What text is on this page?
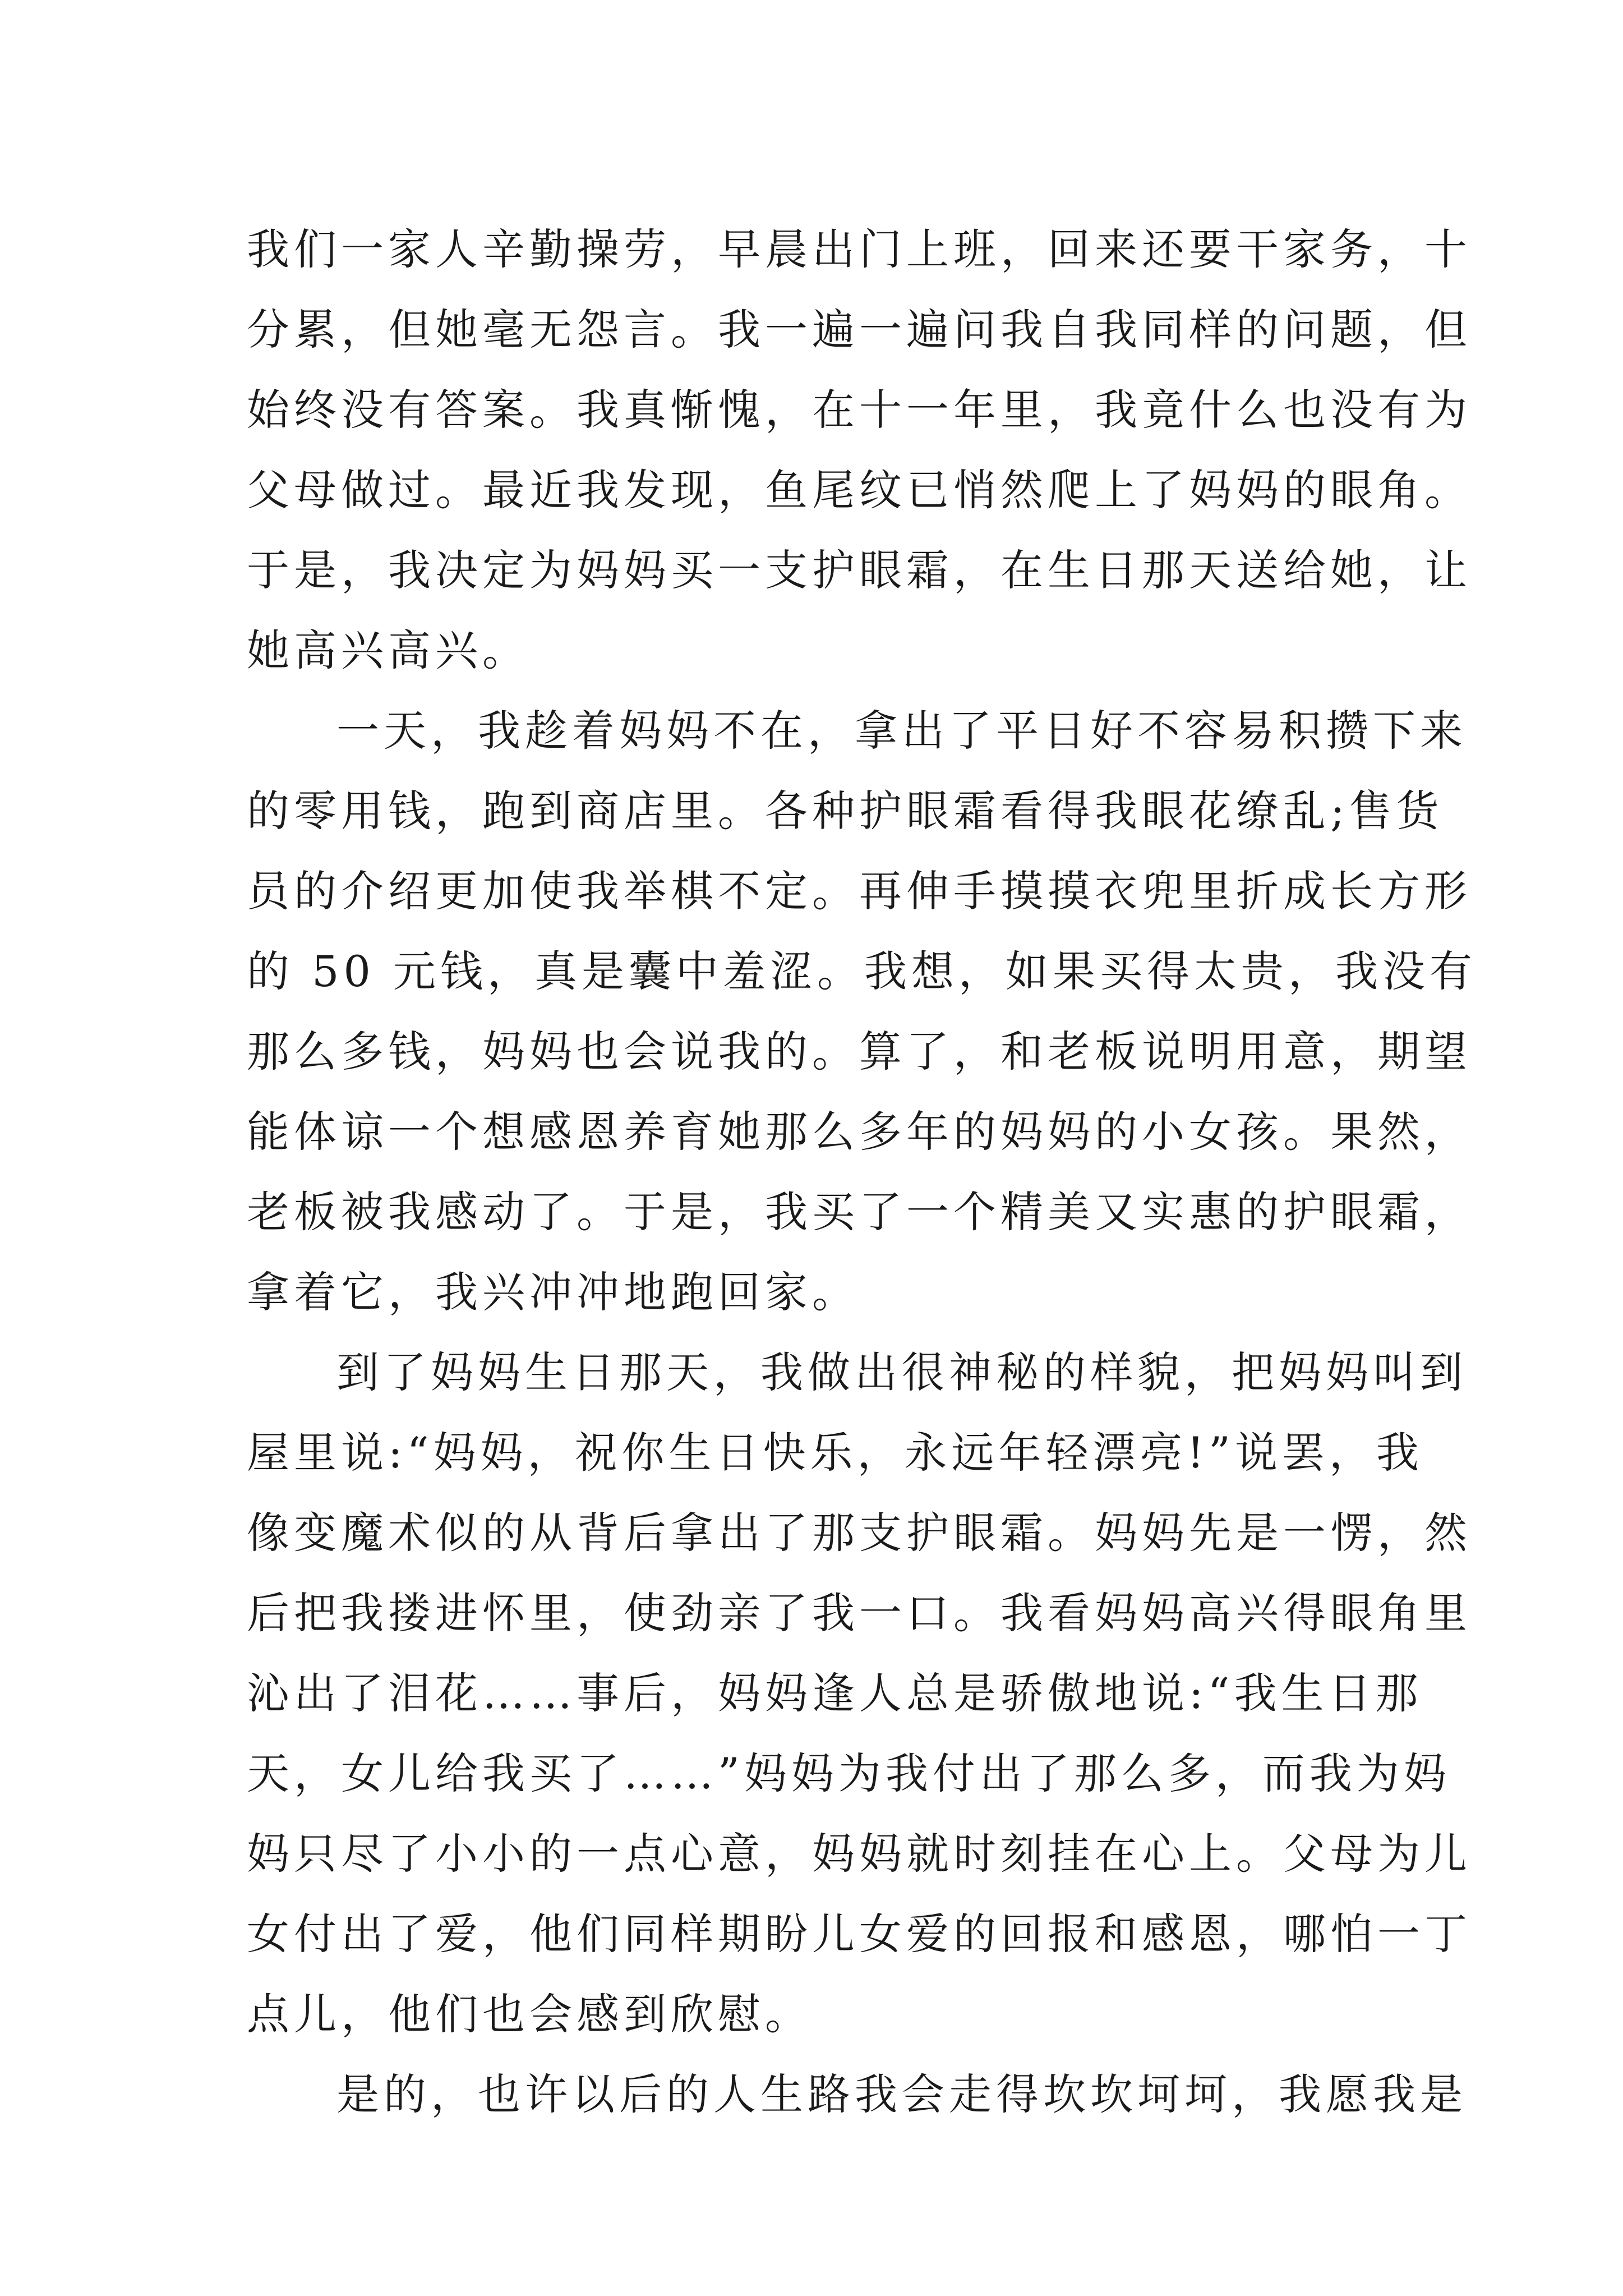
我们一家人辛勤操劳，早晨出门上班，回来还要干家务，十
分累，但她毫无怨言。我一遍一遍问我自我同样的问题，但
始终没有答案。我真惭愧，在十一年里，我竟什么也没有为
父母做过。最近我发现，鱼尾纹已悄然爬上了妈妈的眼角。
于是，我决定为妈妈买一支护眼霜，在生日那天送给她，让
她高兴高兴。
一天，我趁着妈妈不在，拿出了平日好不容易积攒下来
的零用钱，跑到商店里。各种护眼霜看得我眼花缭乱;售货
员的介绍更加使我举棋不定。再伸手摸摸衣兜里折成长方形
的 50 元钱，真是囊中羞涩。我想，如果买得太贵，我没有
那么多钱，妈妈也会说我的。算了，和老板说明用意，期望
能体谅一个想感恩养育她那么多年的妈妈的小女孩。果然，
老板被我感动了。于是，我买了一个精美又实惠的护眼霜，
拿着它，我兴冲冲地跑回家。
到了妈妈生日那天，我做出很神秘的样貌，把妈妈叫到
屋里说:“妈妈，祝你生日快乐，永远年轻漂亮!”说罢，我
像变魔术似的从背后拿出了那支护眼霜。妈妈先是一愣，然
后把我搂进怀里，使劲亲了我一口。我看妈妈高兴得眼角里
沁出了泪花……事后，妈妈逢人总是骄傲地说:“我生日那
天，女儿给我买了……”妈妈为我付出了那么多，而我为妈
妈只尽了小小的一点心意，妈妈就时刻挂在心上。父母为儿
女付出了爱，他们同样期盼儿女爱的回报和感恩，哪怕一丁
点儿，他们也会感到欣慰。
是的，也许以后的人生路我会走得坎坎坷坷，我愿我是
